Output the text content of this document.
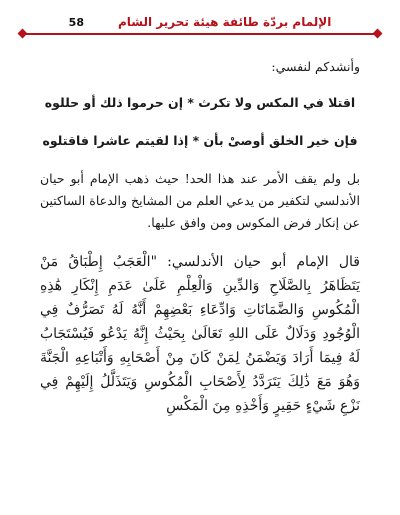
الإلمام بردّة طائفة هيئة تحرير الشام
58

وأنشدكم لنفسي:

اقتلا في المكس ولا تكرث * إن حرموا ذلك أو حللوه

فإن خير الخلق أوصىْ بأن * إذا لقيتم عاشرا فاقتلوه

بل ولم يقف الأمر عند هذا الحد! حيث ذهب الإمام أبو حيان الأندلسي لتكفير من يدعي العلم من المشايخ والدعاة الساكتين عن إنكار فرض المكوس ومن وافق عليها.

قال الإمام أبو حيان الأندلسي: "الْعَجَبُ إِطْبَاقُ مَنْ يَتَظَاهَرُ بِالصَّلَاحِ وَالدِّينِ وَالْعِلْمِ عَلَىٰ عَدَمِ إِنْكَارِ هَٰذِهِ الْمُكُوسِ وَالضَّمَانَاتِ وَادِّعَاءِ بَعْضِهِمْ أَنَّهُ لَهُ تَصَرُّفٌ فِي الْوُجُودِ وَدَلَالٌ عَلَى اللهِ تَعَالَىٰ بِحَيْثُ إِنَّهُ يَدْعُو فَيُسْتَجَابُ لَهُ فِيمَا أَرَادَ وَيَضْمَنُ لِمَنْ كَانَ مِنْ أَصْحَابِهِ وَأَتْبَاعِهِ الْجَنَّةَ وَهُوَ مَعَ ذَٰلِكَ يَتَرَدَّدُ لِأَصْحَابِ الْمُكُوسِ وَيَتَذَلَّلُ إِلَيْهِمْ فِي نَزْعِ شَيْءٍ حَقِيرٍ وَأَخْذِهِ مِنَ الْمَكْسِ
